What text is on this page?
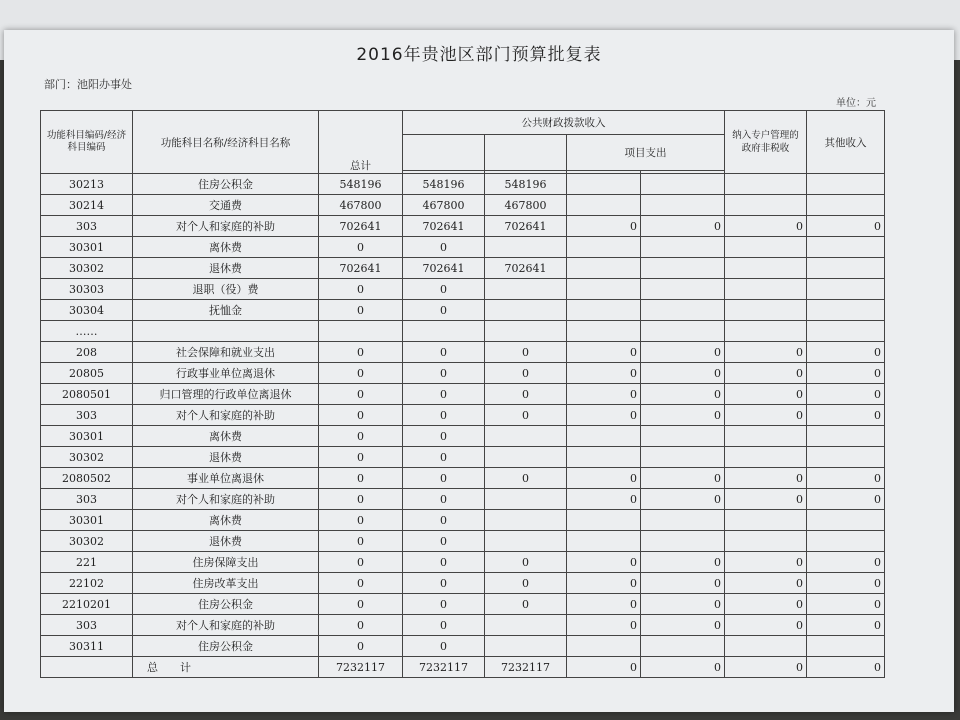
2016年贵池区部门预算批复表
部门：池阳办事处
单位：元
功能科目编码/经济科目编码	功能科目名称/经济科目名称	总计	公共财政拨款收入				纳入专户管理的政府非税收	其他收入
					项目支出			

30213	住房公积金	548196	548196	548196				
30214	交通费	467800	467800	467800				
303	对个人和家庭的补助	702641	702641	702641	0	0	0	0
30301	离休费	0	0					
30302	退休费	702641	702641	702641				
30303	退职（役）费	0	0					
30304	抚恤金	0	0					
……								
208	社会保障和就业支出	0	0	0	0	0	0	0
20805	行政事业单位离退休	0	0	0	0	0	0	0
2080501	归口管理的行政单位离退休	0	0	0	0	0	0	0
303	对个人和家庭的补助	0	0	0	0	0	0	0
30301	离休费	0	0					
30302	退休费	0	0					
2080502	事业单位离退休	0	0	0	0	0	0	0
303	对个人和家庭的补助	0	0		0	0	0	0
30301	离休费	0	0					
30302	退休费	0	0					
221	住房保障支出	0	0	0	0	0	0	0
22102	住房改革支出	0	0	0	0	0	0	0
2210201	住房公积金	0	0	0	0	0	0	0
303	对个人和家庭的补助	0	0		0	0	0	0
30311	住房公积金	0	0					
	总　　计	7232117	7232117	7232117	0	0	0	0
